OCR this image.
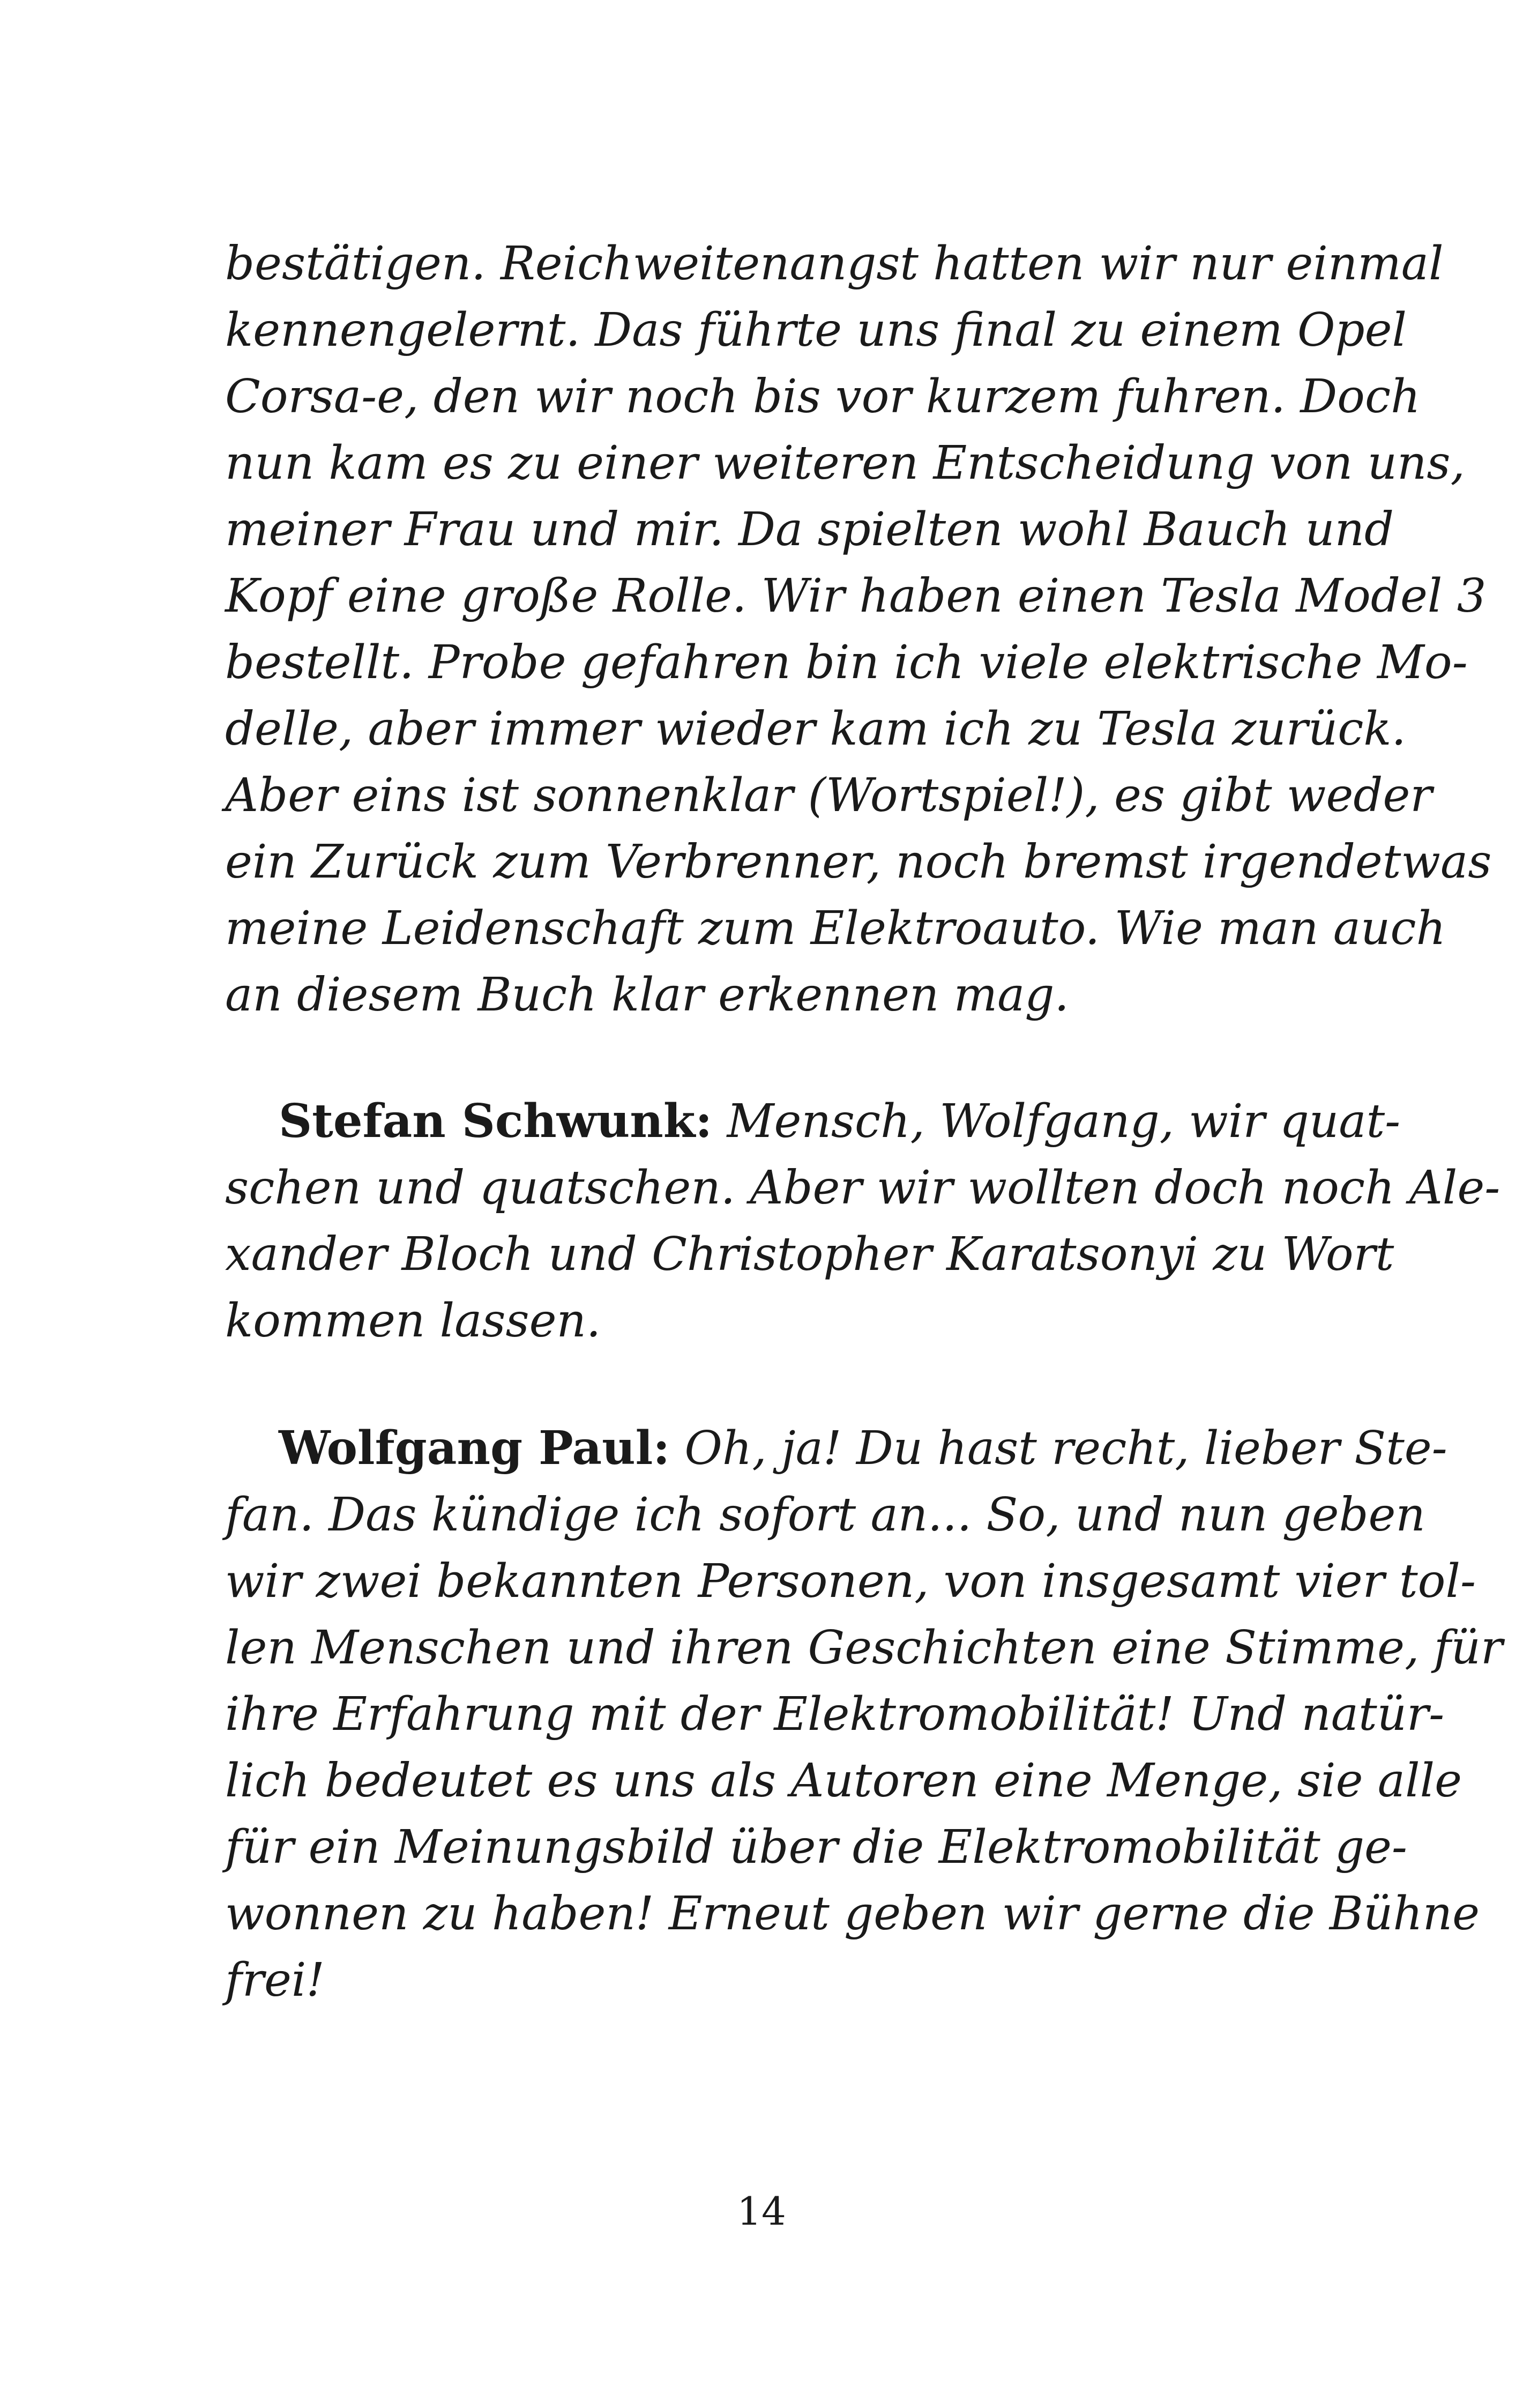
bestätigen. Reichweitenangst hatten wir nur einmal
kennengelernt. Das führte uns final zu einem Opel
Corsa-e, den wir noch bis vor kurzem fuhren. Doch
nun kam es zu einer weiteren Entscheidung von uns,
meiner Frau und mir. Da spielten wohl Bauch und
Kopf eine große Rolle. Wir haben einen Tesla Model 3
bestellt. Probe gefahren bin ich viele elektrische Mo-
delle, aber immer wieder kam ich zu Tesla zurück.
Aber eins ist sonnenklar (Wortspiel!), es gibt weder
ein Zurück zum Verbrenner, noch bremst irgendetwas
meine Leidenschaft zum Elektroauto. Wie man auch
an diesem Buch klar erkennen mag.
Stefan Schwunk: Mensch, Wolfgang, wir quat-
schen und quatschen. Aber wir wollten doch noch Ale-
xander Bloch und Christopher Karatsonyi zu Wort
kommen lassen.
Wolfgang Paul: Oh, ja! Du hast recht, lieber Ste-
fan. Das kündige ich sofort an... So, und nun geben
wir zwei bekannten Personen, von insgesamt vier tol-
len Menschen und ihren Geschichten eine Stimme, für
ihre Erfahrung mit der Elektromobilität! Und natür-
lich bedeutet es uns als Autoren eine Menge, sie alle
für ein Meinungsbild über die Elektromobilität ge-
wonnen zu haben! Erneut geben wir gerne die Bühne
frei!
14
